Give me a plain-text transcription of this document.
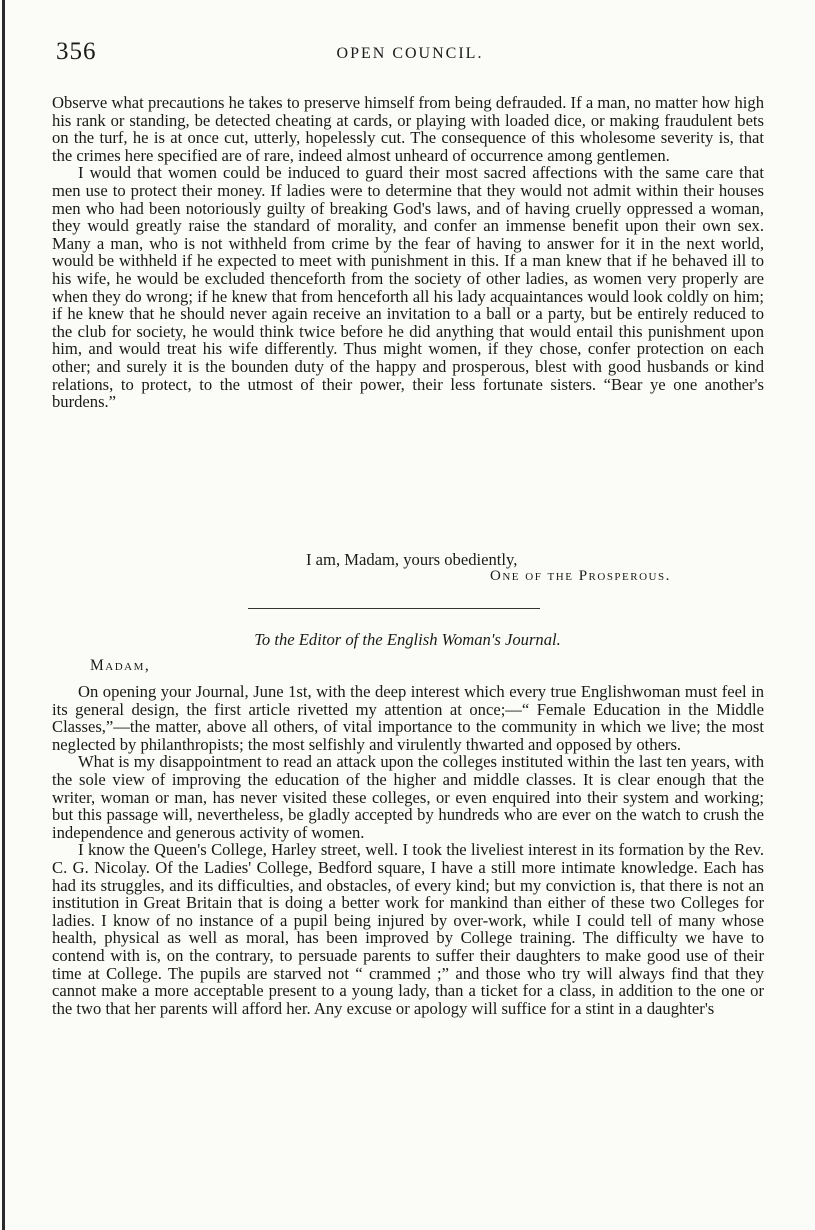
356	OPEN COUNCIL.

Observe what precautions he takes to preserve himself from being defrauded. If a man, no matter how high his rank or standing, be detected cheating at cards, or playing with loaded dice, or making fraudulent bets on the turf, he is at once cut, utterly, hopelessly cut. The consequence of this wholesome severity is, that the crimes here specified are of rare, indeed almost unheard of occurrence among gentlemen.

I would that women could be induced to guard their most sacred affections with the same care that men use to protect their money. If ladies were to determine that they would not admit within their houses men who had been notoriously guilty of breaking God's laws, and of having cruelly oppressed a woman, they would greatly raise the standard of morality, and confer an immense benefit upon their own sex. Many a man, who is not withheld from crime by the fear of having to answer for it in the next world, would be withheld if he expected to meet with punishment in this. If a man knew that if he behaved ill to his wife, he would be excluded thenceforth from the society of other ladies, as women very properly are when they do wrong; if he knew that from henceforth all his lady acquaintances would look coldly on him; if he knew that he should never again receive an invitation to a ball or a party, but be entirely reduced to the club for society, he would think twice before he did anything that would entail this punishment upon him, and would treat his wife differently. Thus might women, if they chose, confer protection on each other; and surely it is the bounden duty of the happy and prosperous, blest with good husbands or kind relations, to protect, to the utmost of their power, their less fortunate sisters. “Bear ye one another's burdens.”

I am, Madam, yours obediently,
One of the Prosperous.
To the Editor of the English Woman's Journal.
Madam,

On opening your Journal, June 1st, with the deep interest which every true Englishwoman must feel in its general design, the first article rivetted my attention at once;—“ Female Education in the Middle Classes,”—the matter, above all others, of vital importance to the community in which we live; the most neglected by philanthropists; the most selfishly and virulently thwarted and opposed by others.

What is my disappointment to read an attack upon the colleges instituted within the last ten years, with the sole view of improving the education of the higher and middle classes. It is clear enough that the writer, woman or man, has never visited these colleges, or even enquired into their system and working; but this passage will, nevertheless, be gladly accepted by hundreds who are ever on the watch to crush the independence and generous activity of women.

I know the Queen's College, Harley street, well. I took the liveliest interest in its formation by the Rev. C. G. Nicolay. Of the Ladies' College, Bedford square, I have a still more intimate knowledge. Each has had its struggles, and its difficulties, and obstacles, of every kind; but my conviction is, that there is not an institution in Great Britain that is doing a better work for mankind than either of these two Colleges for ladies. I know of no instance of a pupil being injured by over-work, while I could tell of many whose health, physical as well as moral, has been improved by College training. The difficulty we have to contend with is, on the contrary, to persuade parents to suffer their daughters to make good use of their time at College. The pupils are starved not “ crammed ;” and those who try will always find that they cannot make a more acceptable present to a young lady, than a ticket for a class, in addition to the one or the two that her parents will afford her. Any excuse or apology will suffice for a stint in a daughter's
